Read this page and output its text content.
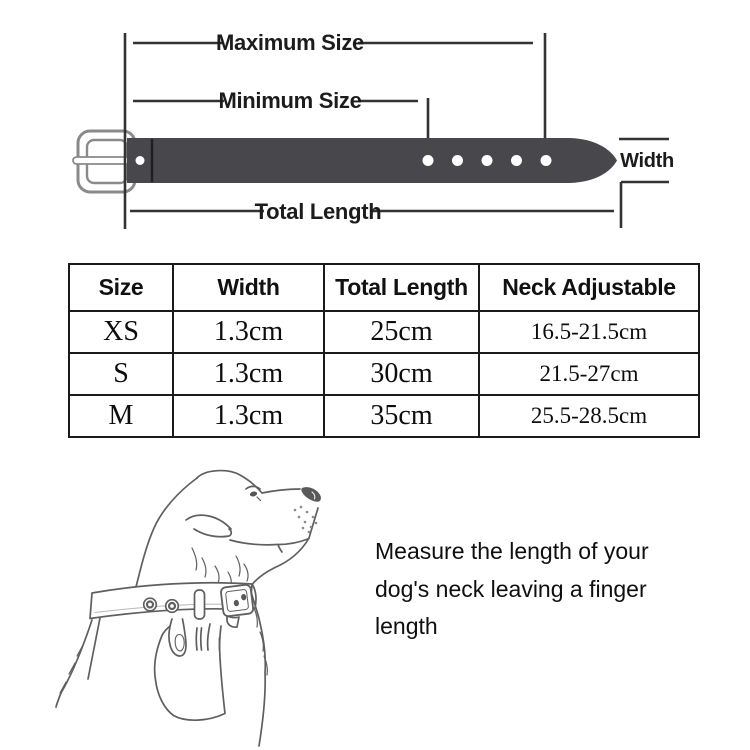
Maximum Size
Minimum Size
Total Length
Width
Size	Width	Total Length	Neck Adjustable
XS	1.3cm	25cm	16.5-21.5cm
S	1.3cm	30cm	21.5-27cm
M	1.3cm	35cm	25.5-28.5cm
Measure the length of your
dog's neck leaving a finger
length
